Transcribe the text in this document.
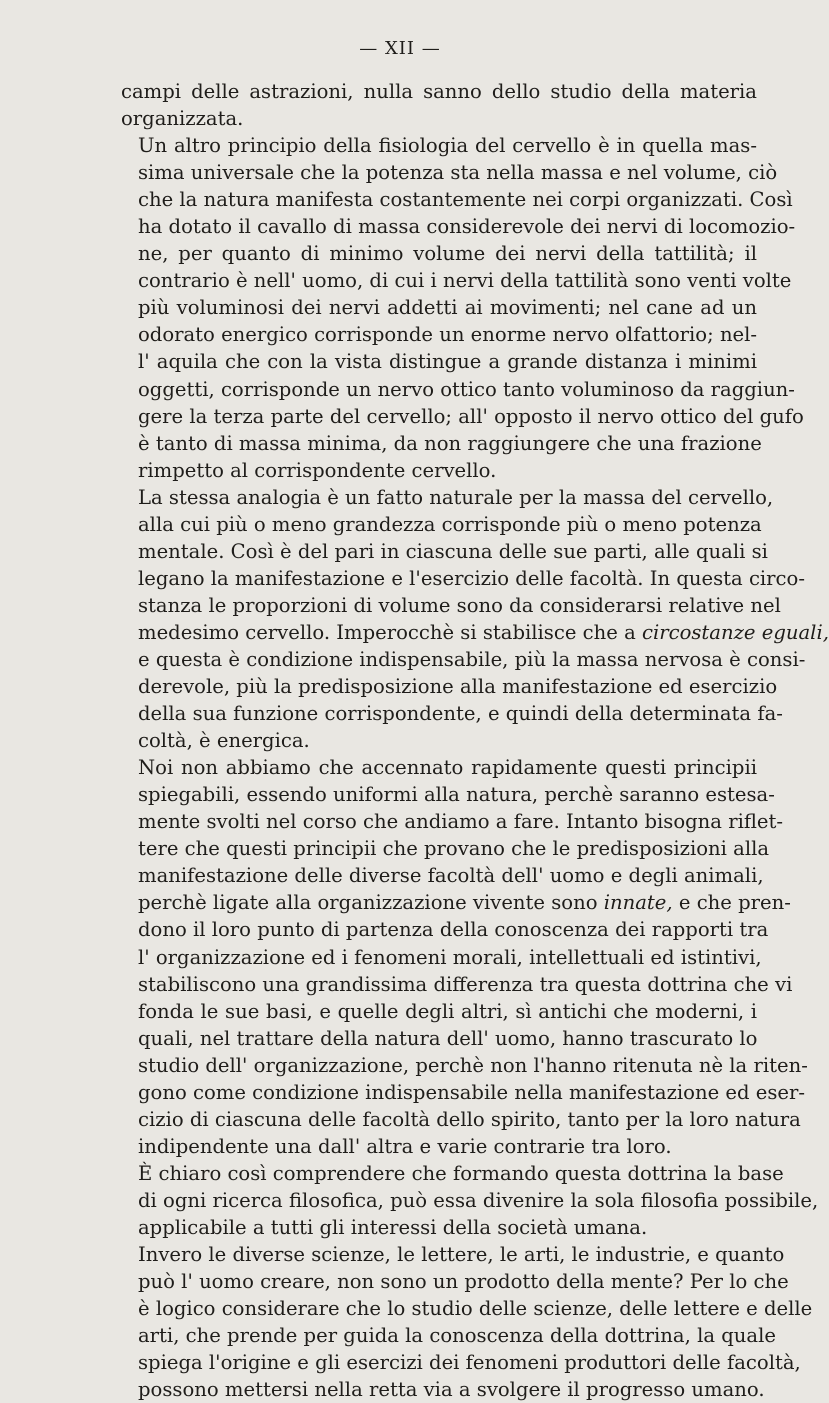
— XII —

campi delle astrazioni, nulla sanno dello studio della materia
organizzata.

Un altro principio della fisiologia del cervello è in quella mas-
sima universale che la potenza sta nella massa e nel volume, ciò
che la natura manifesta costantemente nei corpi organizzati. Così
ha dotato il cavallo di massa considerevole dei nervi di locomozio-
ne, per quanto di minimo volume dei nervi della tattilità; il
contrario è nell' uomo, di cui i nervi della tattilità sono venti volte
più voluminosi dei nervi addetti ai movimenti; nel cane ad un
odorato energico corrisponde un enorme nervo olfattorio; nel-
l' aquila che con la vista distingue a grande distanza i minimi
oggetti, corrisponde un nervo ottico tanto voluminoso da raggiun-
gere la terza parte del cervello; all' opposto il nervo ottico del gufo
è tanto di massa minima, da non raggiungere che una frazione
rimpetto al corrispondente cervello.

La stessa analogia è un fatto naturale per la massa del cervello,
alla cui più o meno grandezza corrisponde più o meno potenza
mentale. Così è del pari in ciascuna delle sue parti, alle quali si
legano la manifestazione e l'esercizio delle facoltà. In questa circo-
stanza le proporzioni di volume sono da considerarsi relative nel
medesimo cervello. Imperocchè si stabilisce che a circostanze eguali,
e questa è condizione indispensabile, più la massa nervosa è consi-
derevole, più la predisposizione alla manifestazione ed esercizio
della sua funzione corrispondente, e quindi della determinata fa-
coltà, è energica.

Noi non abbiamo che accennato rapidamente questi principii
spiegabili, essendo uniformi alla natura, perchè saranno estesa-
mente svolti nel corso che andiamo a fare. Intanto bisogna riflet-
tere che questi principii che provano che le predisposizioni alla
manifestazione delle diverse facoltà dell' uomo e degli animali,
perchè ligate alla organizzazione vivente sono innate, e che pren-
dono il loro punto di partenza della conoscenza dei rapporti tra
l' organizzazione ed i fenomeni morali, intellettuali ed istintivi,
stabiliscono una grandissima differenza tra questa dottrina che vi
fonda le sue basi, e quelle degli altri, sì antichi che moderni, i
quali, nel trattare della natura dell' uomo, hanno trascurato lo
studio dell' organizzazione, perchè non l'hanno ritenuta nè la riten-
gono come condizione indispensabile nella manifestazione ed eser-
cizio di ciascuna delle facoltà dello spirito, tanto per la loro natura
indipendente una dall' altra e varie contrarie tra loro.

È chiaro così comprendere che formando questa dottrina la base
di ogni ricerca filosofica, può essa divenire la sola filosofia possibile,
applicabile a tutti gli interessi della società umana.

Invero le diverse scienze, le lettere, le arti, le industrie, e quanto
può l' uomo creare, non sono un prodotto della mente? Per lo che
è logico considerare che lo studio delle scienze, delle lettere e delle
arti, che prende per guida la conoscenza della dottrina, la quale
spiega l'origine e gli esercizi dei fenomeni produttori delle facoltà,
possono mettersi nella retta via a svolgere il progresso umano.
